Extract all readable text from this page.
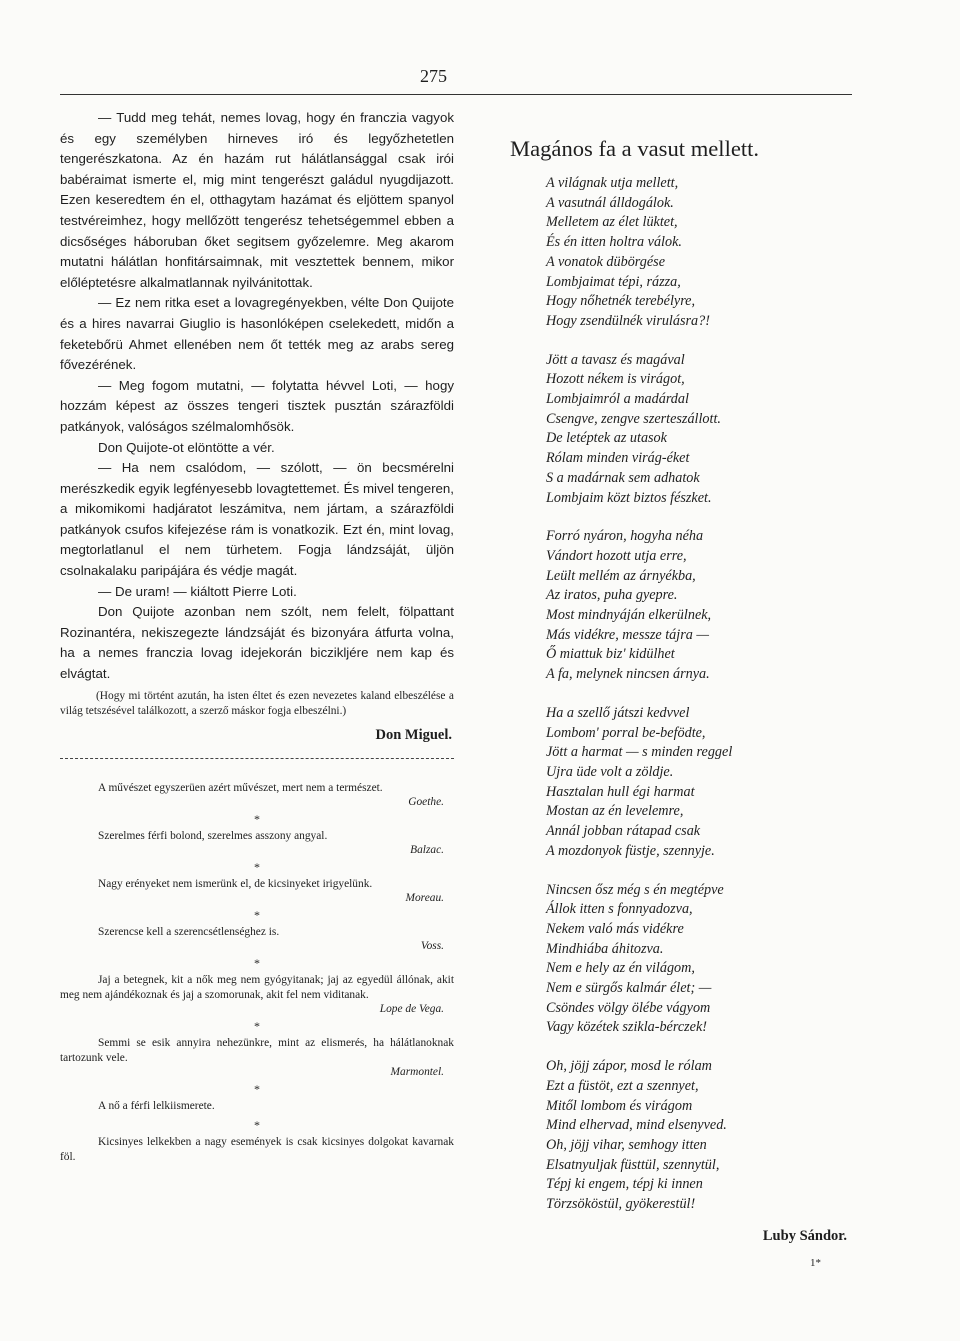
275

— Tudd meg tehát, nemes lovag, hogy én franczia vagyok és egy személyben hirneves iró és legyőzhetetlen tengerészkatona. Az én hazám rut hálátlansággal csak irói babéraimat ismerte el, mig mint tengerészt galádul nyugdijazott. Ezen keseredtem én el, otthagytam hazámat és eljöttem spanyol testvéreimhez, hogy mellőzött tengerész tehetségemmel ebben a dicsőséges háboruban őket segitsem győzelemre. Meg akarom mutatni hálátlan honfitársaimnak, mit vesztettek bennem, mikor előléptetésre alkalmatlannak nyilvánitottak.

— Ez nem ritka eset a lovagregényekben, vélte Don Quijote és a hires navarrai Giuglio is hasonlóképen cselekedett, midőn a feketebőrü Ahmet ellenében nem őt tették meg az arabs sereg fővezérének.

— Meg fogom mutatni, — folytatta hévvel Loti, — hogy hozzám képest az összes tengeri tisztek pusztán szárazföldi patkányok, valóságos szélmalomhősök.

Don Quijote-ot elöntötte a vér.

— Ha nem csalódom, — szólott, — ön becsmérelni merészkedik egyik legfényesebb lovagtettemet. És mivel tengeren, a mikomikomi hadjáratot leszámitva, nem jártam, a szárazföldi patkányok csufos kifejezése rám is vonatkozik. Ezt én, mint lovag, megtorlatlanul el nem türhetem. Fogja lándzsáját, üljön csolnakalaku paripájára és védje magát.

— De uram! — kiáltott Pierre Loti.

Don Quijote azonban nem szólt, nem felelt, fölpattant Rozinantéra, nekiszegezte lándzsáját és bizonyára átfurta volna, ha a nemes franczia lovag idejekorán biczikljére nem kap és elvágtat.

(Hogy mi történt azután, ha isten éltet és ezen nevezetes kaland elbeszélése a világ tetszésével találkozott, a szerző máskor fogja elbeszélni.)

Don Miguel.

A művészet egyszerüen azért művészet, mert nem a természet.

Goethe.

*

Szerelmes férfi bolond, szerelmes asszony angyal.

Balzac.

*

Nagy erényeket nem ismerünk el, de kicsinyeket irigyelünk.

Moreau.

*

Szerencse kell a szerencsétlenséghez is.

Voss.

*

Jaj a betegnek, kit a nők meg nem gyógyitanak; jaj az egyedül állónak, akit meg nem ajándékoznak és jaj a szomorunak, akit fel nem viditanak.

Lope de Vega.

*

Semmi se esik annyira nehezünkre, mint az elismerés, ha hálátlanoknak tartozunk vele.

Marmontel.

*

A nő a férfi lelkiismerete.

*

Kicsinyes lelkekben a nagy események is csak kicsinyes dolgokat kavarnak föl.

Magános fa a vasut mellett.
A világnak utja mellett,
A vasutnál álldogálok.
Melletem az élet lüktet,
És én itten holtra válok.
A vonatok dübörgése
Lombjaimat tépi, rázza,
Hogy nőhetnék terebélyre,
Hogy zsendülnék virulásra?!
Jött a tavasz és magával
Hozott nékem is virágot,
Lombjaimról a madárdal
Csengve, zengve szerteszállott.
De letéptek az utasok
Rólam minden virág-éket
S a madárnak sem adhatok
Lombjaim közt biztos fészket.
Forró nyáron, hogyha néha
Vándort hozott utja erre,
Leült mellém az árnyékba,
Az iratos, puha gyepre.
Most mindnyáján elkerülnek,
Más vidékre, messze tájra —
Ő miattuk biz' kidülhet
A fa, melynek nincsen árnya.
Ha a szellő játszi kedvvel
Lombom' porral be-befödte,
Jött a harmat — s minden reggel
Ujra üde volt a zöldje.
Hasztalan hull égi harmat
Mostan az én levelemre,
Annál jobban rátapad csak
A mozdonyok füstje, szennyje.
Nincsen ősz még s én megtépve
Állok itten s fonnyadozva,
Nekem való más vidékre
Mindhiába áhitozva.
Nem e hely az én világom,
Nem e sürgős kalmár élet; —
Csöndes völgy ölébe vágyom
Vagy közétek szikla-bérczek!
Oh, jöjj zápor, mosd le rólam
Ezt a füstöt, ezt a szennyet,
Mitől lombom és virágom
Mind elhervad, mind elsenyved.
Oh, jöjj vihar, semhogy itten
Elsatnyuljak füsttül, szennytül,
Tépj ki engem, tépj ki innen
Törzsököstül, gyökerestül!
Luby Sándor.
1*
